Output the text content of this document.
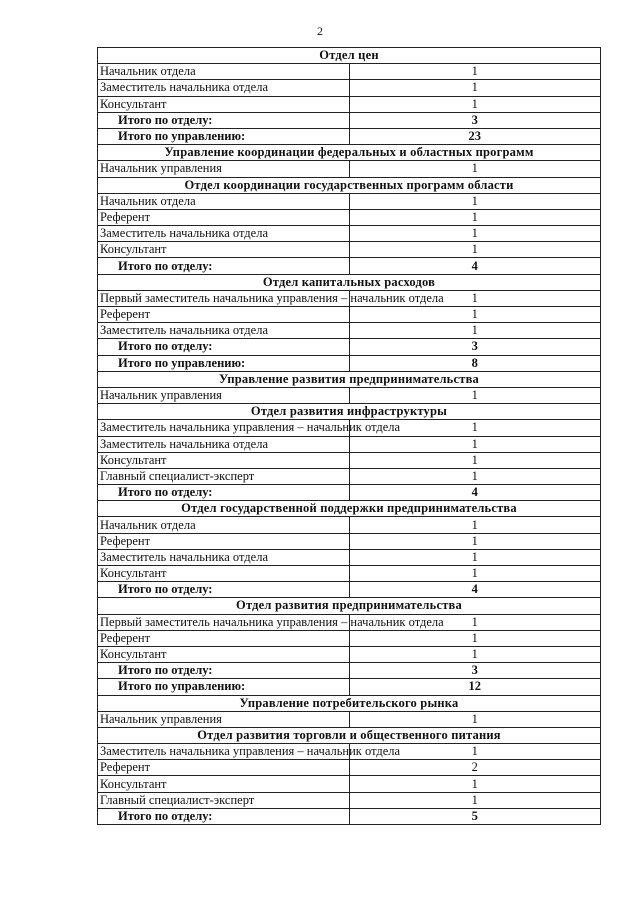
2
Отдел цен	
Начальник отдела	1
Заместитель начальника отдела	1
Консультант	1
Итого по отделу:	3
Итого по управлению:	23
Управление координации федеральных и областных программ	
Начальник управления	1
Отдел координации государственных программ области	
Начальник отдела	1
Референт	1
Заместитель начальника отдела	1
Консультант	1
Итого по отделу:	4
Отдел капитальных расходов	
Первый заместитель начальника управления – начальник отдела	1
Референт	1
Заместитель начальника отдела	1
Итого по отделу:	3
Итого по управлению:	8
Управление развития предпринимательства	
Начальник управления	1
Отдел развития инфраструктуры	
Заместитель начальника управления – начальник отдела	1
Заместитель начальника отдела	1
Консультант	1
Главный специалист-эксперт	1
Итого по отделу:	4
Отдел государственной поддержки предпринимательства	
Начальник отдела	1
Референт	1
Заместитель начальника отдела	1
Консультант	1
Итого по отделу:	4
Отдел развития предпринимательства	
Первый заместитель начальника управления – начальник отдела	1
Референт	1
Консультант	1
Итого по отделу:	3
Итого по управлению:	12
Управление потребительского рынка	
Начальник управления	1
Отдел развития торговли и общественного питания	
Заместитель начальника управления – начальник отдела	1
Референт	2
Консультант	1
Главный специалист-эксперт	1
Итого по отделу:	5
